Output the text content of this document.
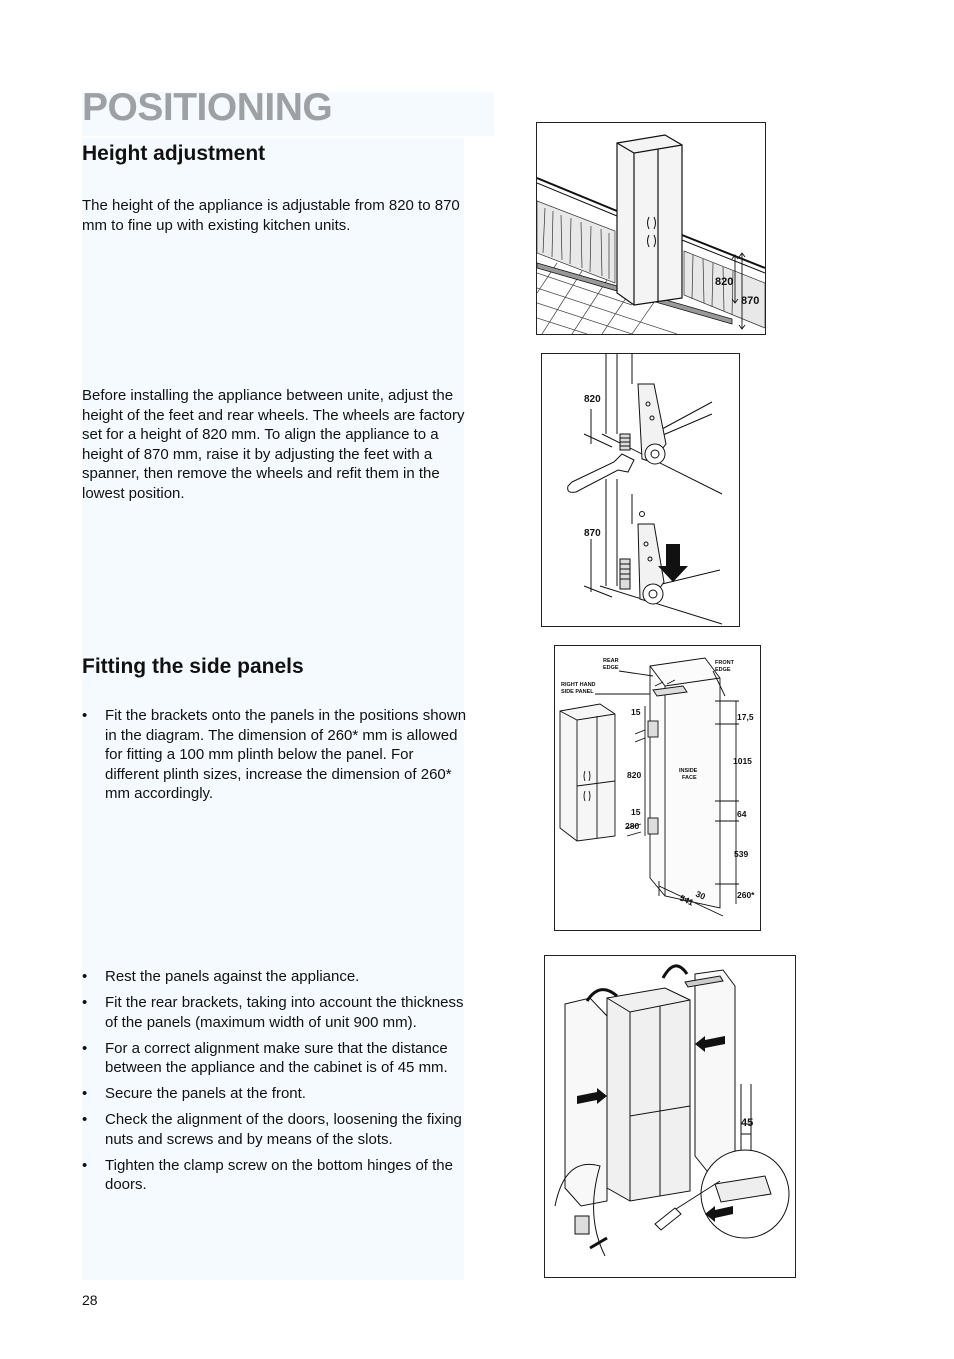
POSITIONING
Height adjustment

The height of the appliance is adjustable from 820 to 870 mm to fine up with existing kitchen units.

Before installing the appliance between unite, adjust the height of the feet and rear wheels. The wheels are factory set for a height of 820 mm. To align the appliance to a height of 870 mm, raise it by adjusting the feet with a spanner, then remove the wheels and refit them in the lowest position.

Fitting the side panels
• Fit the brackets onto the panels in the positions shown in the diagram. The dimension of 260* mm is allowed for fitting a 100 mm plinth below the panel. For different plinth sizes, increase the dimension of 260* mm accordingly.
• Rest the panels against the appliance.
• Fit the rear brackets, taking into account the thickness of the panels (maximum width of unit 900 mm).
• For a correct alignment make sure that the distance between the appliance and the cabinet is of 45 mm.
• Secure the panels at the front.
• Check the alignment of the doors, loosening the fixing nuts and screws and by means of the slots.
• Tighten the clamp screw on the bottom hinges of the doors.
820
870
820
870
REAR
EDGE
FRONT
EDGE
RIGHT HAND
SIDE PANEL
INSIDE
FACE
15
820
15
280
17,5
1015
64
539
260*
541
30
45
28
